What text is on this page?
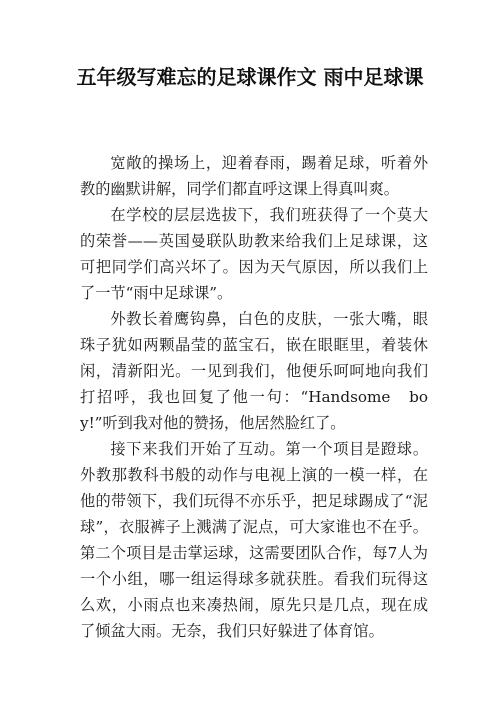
五年级写难忘的足球课作文 雨中足球课

宽敞的操场上，迎着春雨，踢着足球，听着外教的幽默讲解，同学们都直呼这课上得真叫爽。

在学校的层层选拔下，我们班获得了一个莫大的荣誉——英国曼联队助教来给我们上足球课，这可把同学们高兴坏了。因为天气原因，所以我们上了一节“雨中足球课”。

外教长着鹰钩鼻，白色的皮肤，一张大嘴，眼珠子犹如两颗晶莹的蓝宝石，嵌在眼眶里，着装休闲，清新阳光。一见到我们，他便乐呵呵地向我们打招呼，我也回复了他一句：“Handsome　boy!”听到我对他的赞扬，他居然脸红了。

接下来我们开始了互动。第一个项目是蹬球。外教那教科书般的动作与电视上演的一模一样，在他的带领下，我们玩得不亦乐乎，把足球踢成了“泥球”，衣服裤子上溅满了泥点，可大家谁也不在乎。第二个项目是击掌运球，这需要团队合作，每7人为一个小组，哪一组运得球多就获胜。看我们玩得这么欢，小雨点也来凑热闹，原先只是几点，现在成了倾盆大雨。无奈，我们只好躲进了体育馆。
